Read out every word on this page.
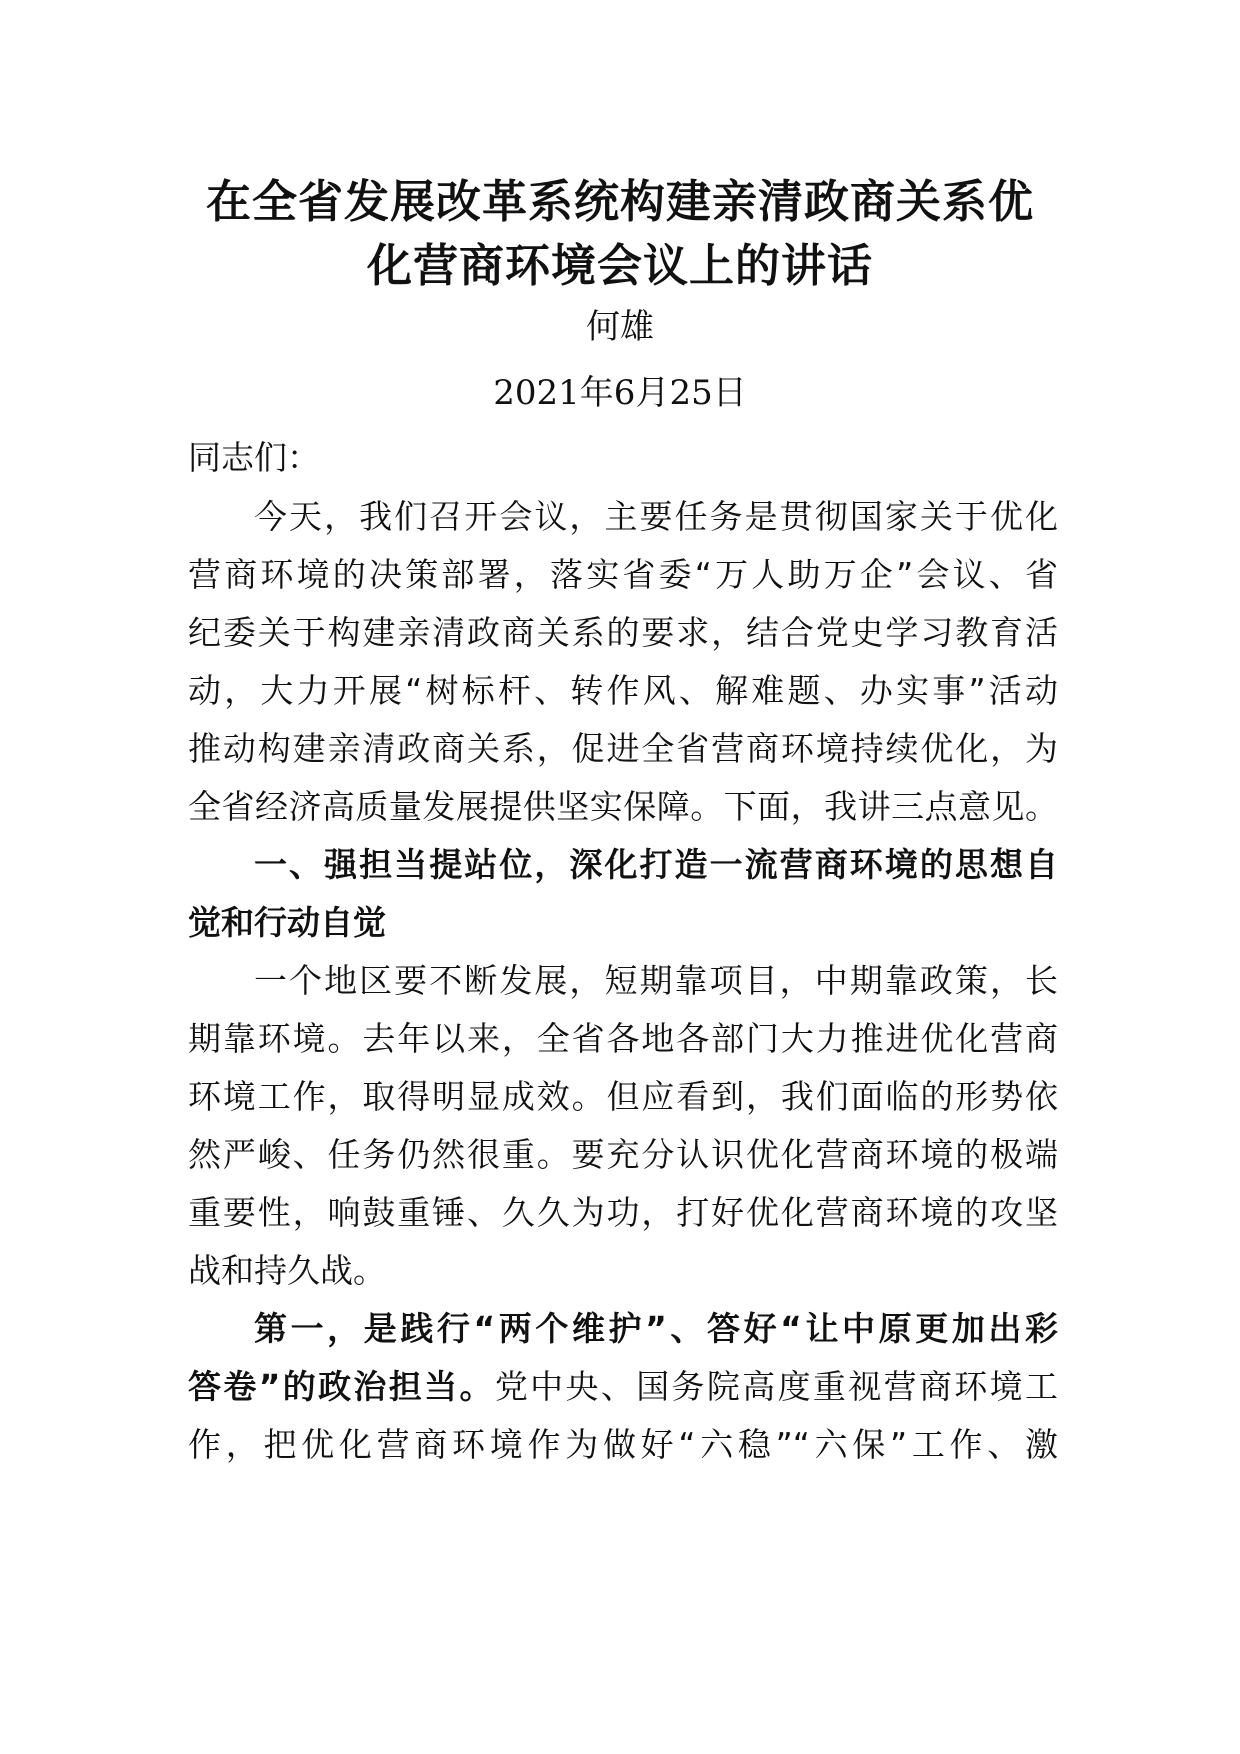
在全省发展改革系统构建亲清政商关系优
化营商环境会议上的讲话
何雄
2021年6月25日
同志们：
今天，我们召开会议，主要任务是贯彻国家关于优化
营商环境的决策部署，落实省委“万人助万企”会议、省
纪委关于构建亲清政商关系的要求，结合党史学习教育活
动，大力开展“树标杆、转作风、解难题、办实事”活动
推动构建亲清政商关系，促进全省营商环境持续优化，为
全省经济高质量发展提供坚实保障。下面，我讲三点意见。
一、强担当提站位，深化打造一流营商环境的思想自
觉和行动自觉
一个地区要不断发展，短期靠项目，中期靠政策，长
期靠环境。去年以来，全省各地各部门大力推进优化营商
环境工作，取得明显成效。但应看到，我们面临的形势依
然严峻、任务仍然很重。要充分认识优化营商环境的极端
重要性，响鼓重锤、久久为功，打好优化营商环境的攻坚
战和持久战。
第一，是践行“两个维护”、答好“让中原更加出彩
答卷”的政治担当。党中央、国务院高度重视营商环境工
作，把优化营商环境作为做好“六稳”“六保”工作、激
